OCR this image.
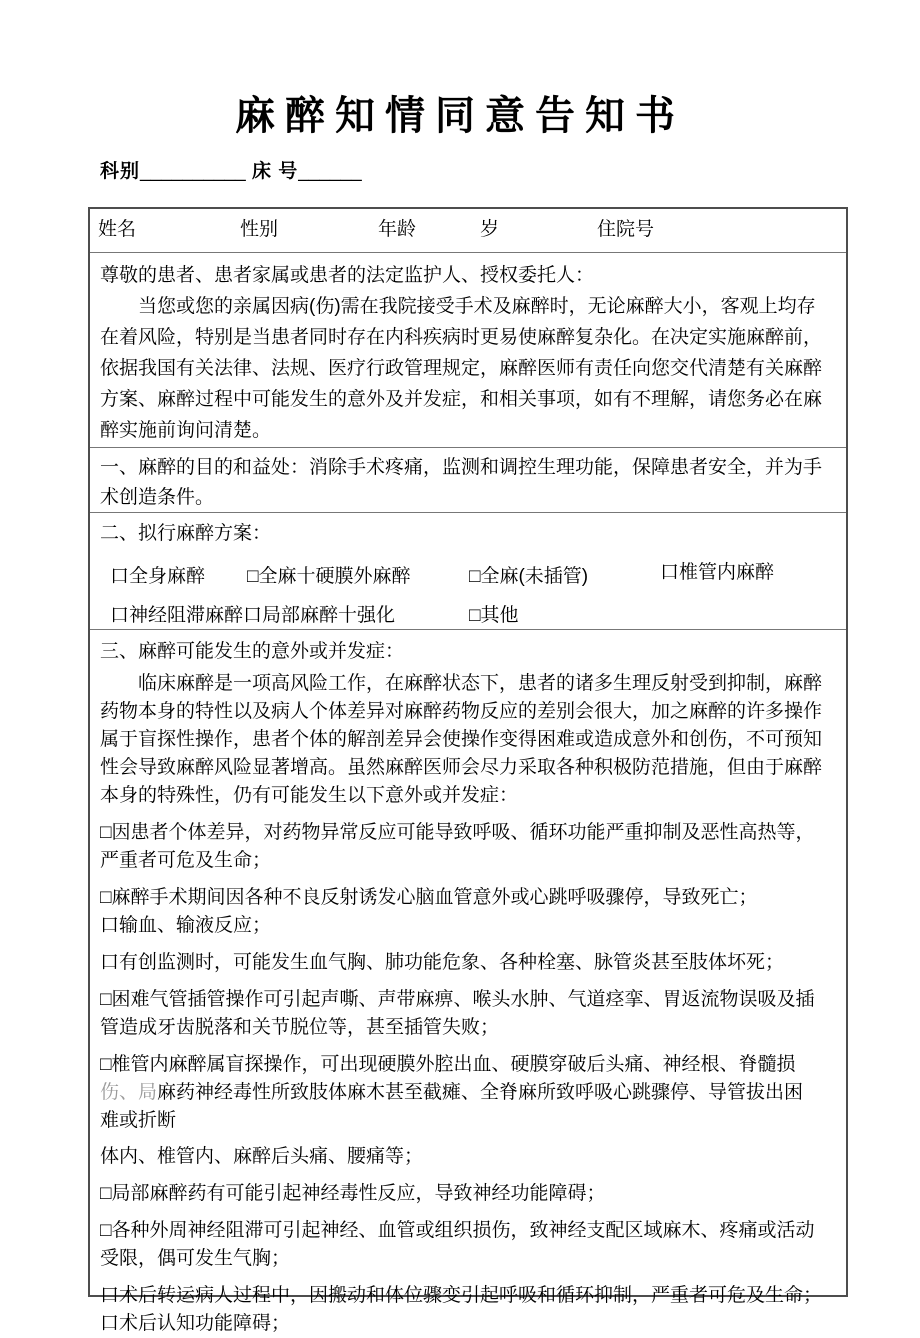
麻醉知情同意告知书
科别__________ 床 号______
姓名	性别	年龄	岁	住院号
尊敬的患者、患者家属或患者的法定监护人、授权委托人：

当您或您的亲属因病(伤)需在我院接受手术及麻醉时，无论麻醉大小，客观上均存在着风险，特别是当患者同时存在内科疾病时更易使麻醉复杂化。在决定实施麻醉前，依据我国有关法律、法规、医疗行政管理规定，麻醉医师有责任向您交代清楚有关麻醉方案、麻醉过程中可能发生的意外及并发症，和相关事项，如有不理解，请您务必在麻醉实施前询问清楚。

一、麻醉的目的和益处：消除手术疼痛，监测和调控生理功能，保障患者安全，并为手术创造条件。
二、拟行麻醉方案：
口全身麻醉 □全麻十硬膜外麻醉	□全麻(未插管)	口椎管内麻醉
口神经阻滞麻醉口局部麻醉十强化	□其他
三、麻醉可能发生的意外或并发症：

临床麻醉是一项高风险工作，在麻醉状态下，患者的诸多生理反射受到抑制，麻醉药物本身的特性以及病人个体差异对麻醉药物反应的差别会很大，加之麻醉的许多操作属于盲探性操作，患者个体的解剖差异会使操作变得困难或造成意外和创伤，不可预知性会导致麻醉风险显著增高。虽然麻醉医师会尽力采取各种积极防范措施，但由于麻醉本身的特殊性，仍有可能发生以下意外或并发症：

□因患者个体差异，对药物异常反应可能导致呼吸、循环功能严重抑制及恶性高热等，严重者可危及生命；
□麻醉手术期间因各种不良反射诱发心脑血管意外或心跳呼吸骤停，导致死亡；
口输血、输液反应；
口有创监测时，可能发生血气胸、肺功能危象、各种栓塞、脉管炎甚至肢体坏死；
□困难气管插管操作可引起声嘶、声带麻痹、喉头水肿、气道痉挛、胃返流物误吸及插管造成牙齿脱落和关节脱位等，甚至插管失败；
□椎管内麻醉属盲探操作，可出现硬膜外腔出血、硬膜穿破后头痛、神经根、脊髓损伤、局麻药神经毒性所致肢体麻木甚至截瘫、全脊麻所致呼吸心跳骤停、导管拔出困难或折断
体内、椎管内、麻醉后头痛、腰痛等；
□局部麻醉药有可能引起神经毒性反应，导致神经功能障碍；
□各种外周神经阻滞可引起神经、血管或组织损伤，致神经支配区域麻木、疼痛或活动受限，偶可发生气胸；
口术后转运病人过程中，因搬动和体位骤变引起呼吸和循环抑制，严重者可危及生命；
口术后认知功能障碍；
